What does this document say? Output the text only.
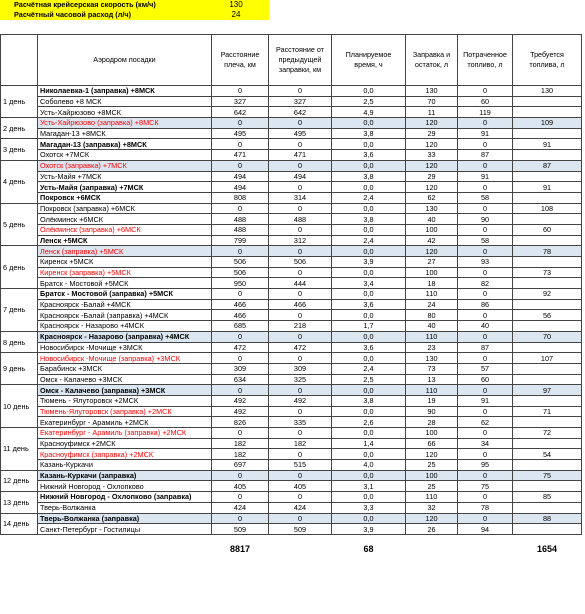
Расчётная крейсерская скорость (км/ч)	130
Расчётный часовой расход (л/ч)	24
	Аэродром посадки	Расстояние плеча, км	Расстояние от предыдущей заправки, км	Планируемое время, ч	Заправка и остаток, л	Потраченное топливо, л	Требуется топлива, л
1 день	Николаевка-1 (заправка) +8МСК	0	0	0,0	130	0	130
	Соболево +8 МСК	327	327	2,5	70	60	
	Усть-Хайрюзово +8МСК	642	642	4,9	11	119	
2 день	Усть-Хайрюзово (заправка) +8МСК	0	0	0,0	120	0	109
	Магадан-13 +8МСК	495	495	3,8	29	91	
3 день	Магадан-13 (заправка) +8МСК	0	0	0,0	120	0	91
	Охотск +7МСК	471	471	3,6	33	87	
4 день	Охотск (заправка) +7МСК	0	0	0,0	120	0	87
	Усть-Майя +7МСК	494	494	3,8	29	91	
	Усть-Майя (заправка) +7МСК	494	0	0,0	120	0	91
	Покровск +6МСК	808	314	2,4	62	58	
5 день	Покровск (заправка) +6МСК	0	0	0,0	130	0	108
	Олёкминск +6МСК	488	488	3,8	40	90	
	Олёкминск (заправка) +6МСК	488	0	0,0	100	0	60
	Ленск +5МСК	799	312	2,4	42	58	
6 день	Ленск (заправка) +5МСК	0	0	0,0	120	0	78
	Киренск +5МСК	506	506	3,9	27	93	
	Киренск (заправка) +5МСК	506	0	0,0	100	0	73
	Братск - Мостовой +5МСК	950	444	3,4	18	82	
7 день	Братск - Мостовой (заправка) +5МСК	0	0	0,0	110	0	92
	Красноярск -Балай +4МСК	466	466	3,6	24	86	
	Красноярск -Балай (заправка) +4МСК	466	0	0,0	80	0	56
	Красноярск - Назарово +4МСК	685	218	1,7	40	40	
8 день	Красноярск - Назарово (заправка) +4МСК	0	0	0,0	110	0	70
	Новосибирск -Мочище +3МСК	472	472	3,6	23	87	
9 день	Новосибирск -Мочище (заправка) +3МСК	0	0	0,0	130	0	107
	Барабинск +3МСК	309	309	2,4	73	57	
	Омск - Калачево +3МСК	634	325	2,5	13	60	
10 день	Омск - Калачево (заправка) +3МСК	0	0	0,0	110	0	97
	Тюмень - Ялуторовск +2МСК	492	492	3,8	19	91	
	Тюмень-Ялуторовск (заправка) +2МСК	492	0	0,0	90	0	71
	Екатеринбург - Арамиль +2МСК	826	335	2,6	28	62	
11 день	Екатеринбург - Арамиль (заправка) +2МСК	0	0	0,0	100	0	72
	Красноуфимск +2МСК	182	182	1,4	66	34	
	Красноуфимск (заправка) +2МСК	182	0	0,0	120	0	54
	Казань-Куркачи	697	515	4,0	25	95	
12 день	Казань-Куркачи (заправка)	0	0	0,0	100	0	75
	Нижний Новгород - Охлопково	405	405	3,1	25	75	
13 день	Нижний Новгород - Охлопково (заправка)	0	0	0,0	110	0	85
	Тверь-Волжанка	424	424	3,3	32	78	
14 день	Тверь-Волжанка (заправка)	0	0	0,0	120	0	88
	Санкт-Петербург - Гостилицы	509	509	3,9	26	94	

		8817		68			1654
